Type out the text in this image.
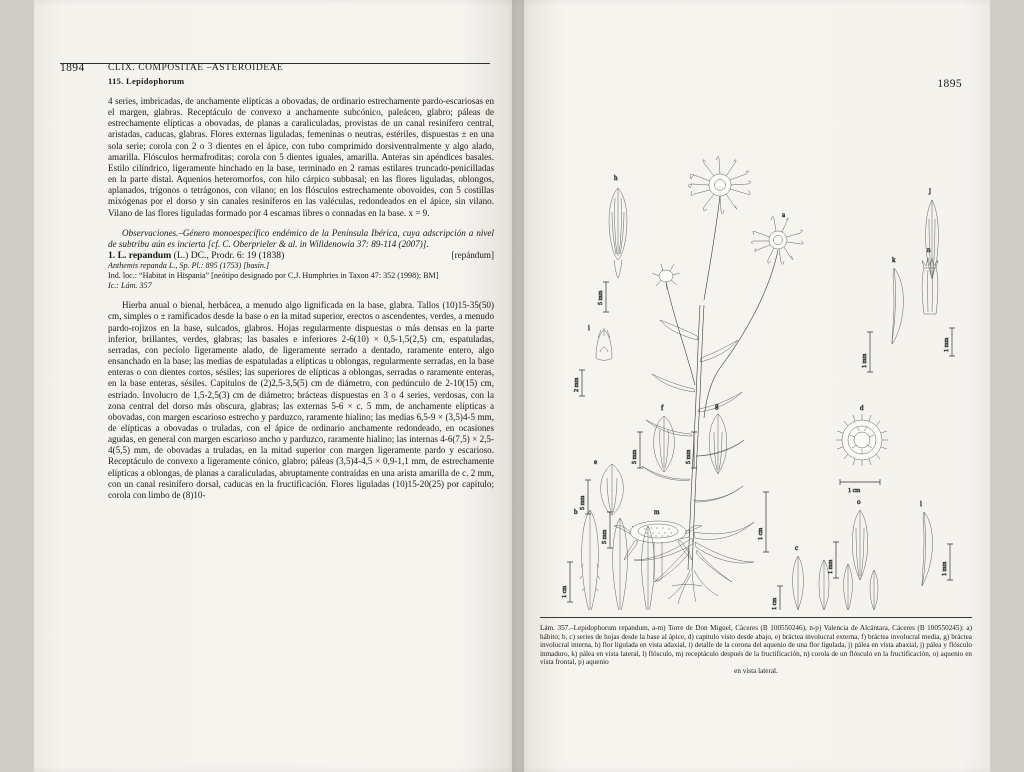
1894 CLIX. COMPOSITAE –ASTEROIDEAE
115. Lepidophorum

4 series, imbricadas, de anchamente elípticas a obovadas, de ordinario estrechamente pardo-escariosas en el margen, glabras. Receptáculo de convexo a anchamente subcónico, paleáceo, glabro; páleas de estrechamente elípticas a obovadas, de planas a caraliculadas, provistas de un canal resinífero central, aristadas, caducas, glabras. Flores externas liguladas, femeninas o neutras, estériles, dispuestas ± en una sola serie; corola con 2 o 3 dientes en el ápice, con tubo comprimido dorsiventralmente y algo alado, amarilla. Flósculos hermafroditas; corola con 5 dientes iguales, amarilla. Anteras sin apéndices basales. Estilo cilíndrico, ligeramente hinchado en la base, terminado en 2 ramas estilares truncado-penicilladas en la parte distal. Aquenios heteromorfos, con hilo cárpico subbasal; en las flores liguladas, oblongos, aplanados, trígonos o tetrágonos, con vilano; en los flósculos estrechamente obovoides, con 5 costillas mixógenas por el dorso y sin canales resiníferos en las valéculas, redondeados en el ápice, sin vilano. Vilano de las flores liguladas formado por 4 escamas libres o connadas en la base. x = 9.

Observaciones.–Género monoespecífico endémico de la Península Ibérica, cuya adscripción a nivel de subtribu aún es incierta [cf. C. Oberprieler & al. in Willdenowia 37: 89-114 (2007)].

1. L. repandum (L.) DC., Prodr. 6: 19 (1838)	[repándum]

Anthemis repanda L., Sp. Pl.: 895 (1753) [basín.]

Ind. loc.: “Habitat in Hispania” [neótipo designado por C.J. Humphries in Taxon 47: 352 (1998); BM]

Ic.: Lám. 357

Hierba anual o bienal, herbácea, a menudo algo lignificada en la base, glabra. Tallos (10)15-35(50) cm, simples o ± ramificados desde la base o en la mitad superior, erectos o ascendentes, verdes, a menudo pardo-rojizos en la base, sulcados, glabros. Hojas regularmente dispuestas o más densas en la parte inferior, brillantes, verdes, glabras; las basales e inferiores 2-6(10) × 0,5-1,5(2,5) cm, espatuladas, serradas, con pecíolo ligeramente alado, de ligeramente serrado a dentado, raramente entero, algo ensanchado en la base; las medias de espatuladas a elípticas u oblongas, regularmente serradas, en la base enteras o con dientes cortos, sésiles; las superiores de elípticas a oblongas, serradas o raramente enteras, en la base enteras, sésiles. Capítulos de (2)2,5-3,5(5) cm de diámetro, con pedúnculo de 2-10(15) cm, estriado. Involucro de 1,5-2,5(3) cm de diámetro; brácteas dispuestas en 3 o 4 series, verdosas, con la zona central del dorso más obscura, glabras; las externas 5-6 × c. 5 mm, de anchamente elípticas a obovadas, con margen escarioso estrecho y parduzco, raramente hialino; las medias 6,5-9 × (3,5)4-5 mm, de elípticas a obovadas o truladas, con el ápice de ordinario anchamente redondeado, en ocasiones agudas, en general con margen escarioso ancho y parduzco, raramente hialino; las internas 4-6(7,5) × 2,5-4(5,5) mm, de obovadas a truladas, en la mitad superior con margen ligeramente pardo y escarioso. Receptáculo de convexo a ligeramente cónico, glabro; páleas (3,5)4-4,5 × 0,9-1,1 mm, de estrechamente elípticas a oblongas, de planas a caraliculadas, abruptamente contraídas en una arista amarilla de c. 2 mm, con un canal resinífero dorsal, caducas en la fructificación. Flores liguladas (10)15-20(25) por capítulo; corola con limbo de (8)10-

1895
a
h
5 mm
i
2 mm
j
1 mm
k
1 mm
f
5 mm
g
5 mm
e
5 mm
d
1 cm
n
m
5 mm	1 cm
o
1 mm
l
1 mm
b
1 cm
c
1 cm
Lám. 357.–Lepidophorum repandum, a-m) Torre de Don Miguel, Cáceres (B 100550246), n-p) Valencia de Alcántara, Cáceres (B 100550245): a) hábito; b, c) series de hojas desde la base al ápice, d) capitulo visto desde abajo, e) bráctea involucral externa, f) bráctea involucral media, g) bráctea involucral interna, h) flor ligulada en vista adaxial, i) detalle de la corona del aquenio de una flor ligulada, j) pálea en vista abaxial, j) pálea y flósculo inmaduro, k) pálea en vista lateral, l) flósculo, m) receptáculo después de la fructificación, n) corola de un flósculo en la fructificación, o) aquenio en vista frontal, p) aquenio
en vista lateral.
